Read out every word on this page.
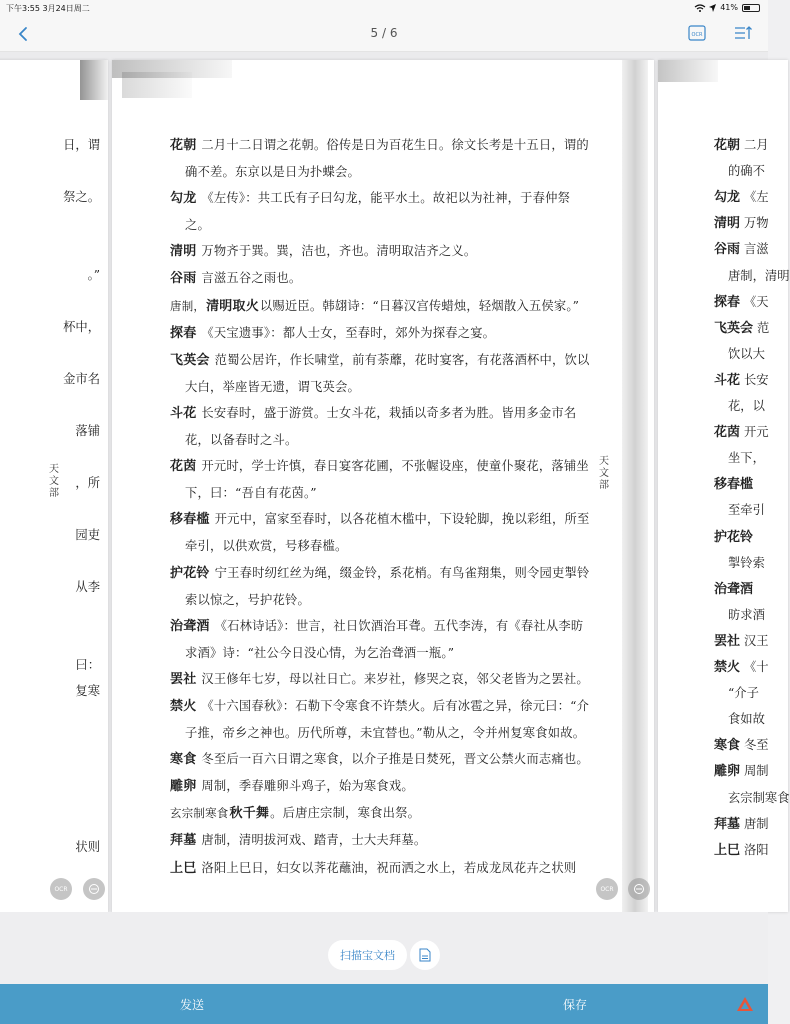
下午3:55 3月24日周二	41%
5 / 6	OCR
日，谓
祭之。
。”
杯中，
金市名
落铺
，所
园吏
从李
曰：
复寒
状则
天
文
部
OCR
花朝 二月十二日谓之花朝。俗传是日为百花生日。徐文长考是十五日，谓的确不差。东京以是日为扑蝶会。
勾龙 《左传》：共工氏有子曰勾龙，能平水土。故祀以为社神，于春仲祭之。
清明 万物齐于巽。巽，洁也，齐也。清明取洁齐之义。
谷雨 言滋五谷之雨也。
唐制，清明取火以赐近臣。韩翃诗：“日暮汉宫传蜡烛，轻烟散入五侯家。”
探春 《天宝遗事》：都人士女，至春时，郊外为探春之宴。
飞英会 范蜀公居许，作长啸堂，前有荼蘼，花时宴客，有花落酒杯中，饮以大白，举座皆无遗，谓飞英会。
斗花 长安春时，盛于游赏。士女斗花，栽插以奇多者为胜。皆用多金市名花，以备春时之斗。
花茵 开元时，学士许慎，春日宴客花圃，不张幄设座，使童仆聚花，落铺坐下，曰：“吾自有花茵。”
移春槛 开元中，富家至春时，以各花植木槛中，下设轮脚，挽以彩组，所至牵引，以供欢赏，号移春槛。
护花铃 宁王春时纫红丝为绳，缀金铃，系花梢。有鸟雀翔集，则令园吏掣铃索以惊之，号护花铃。
治聋酒 《石林诗话》：世言，社日饮酒治耳聋。五代李涛，有《春社从李昉求酒》诗：“社公今日没心情，为乞治聋酒一瓶。”
罢社 汉王修年七岁，母以社日亡。来岁社，修哭之哀，邻父老皆为之罢社。
禁火 《十六国春秋》：石勒下令寒食不许禁火。后有冰雹之异，徐元曰：“介子推，帝乡之神也。历代所尊，未宜替也。”勒从之，令并州复寒食如故。
寒食 冬至后一百六日谓之寒食，以介子推是日焚死，晋文公禁火而志痛也。
雕卵 周制，季春雕卵斗鸡子，始为寒食戏。
玄宗制寒食秋千舞。后唐庄宗制，寒食出祭。
拜墓 唐制，清明拔河戏、踏青，士大夫拜墓。
上巳 洛阳上巳日，妇女以荠花蘸油，祝而洒之水上，若成龙凤花卉之状则
天
文
部
OCR
花朝 二月
的确不
勾龙 《左
清明 万物
谷雨 言滋
唐制，清明
探春 《天
飞英会 范
饮以大
斗花 长安
花，以
花茵 开元
坐下，
移春槛
至牵引
护花铃
掣铃索
治聋酒
昉求酒
罢社 汉王
禁火 《十
“介子
食如故
寒食 冬至
雕卵 周制
玄宗制寒食
拜墓 唐制
上巳 洛阳
扫描宝文档
发送	保存
